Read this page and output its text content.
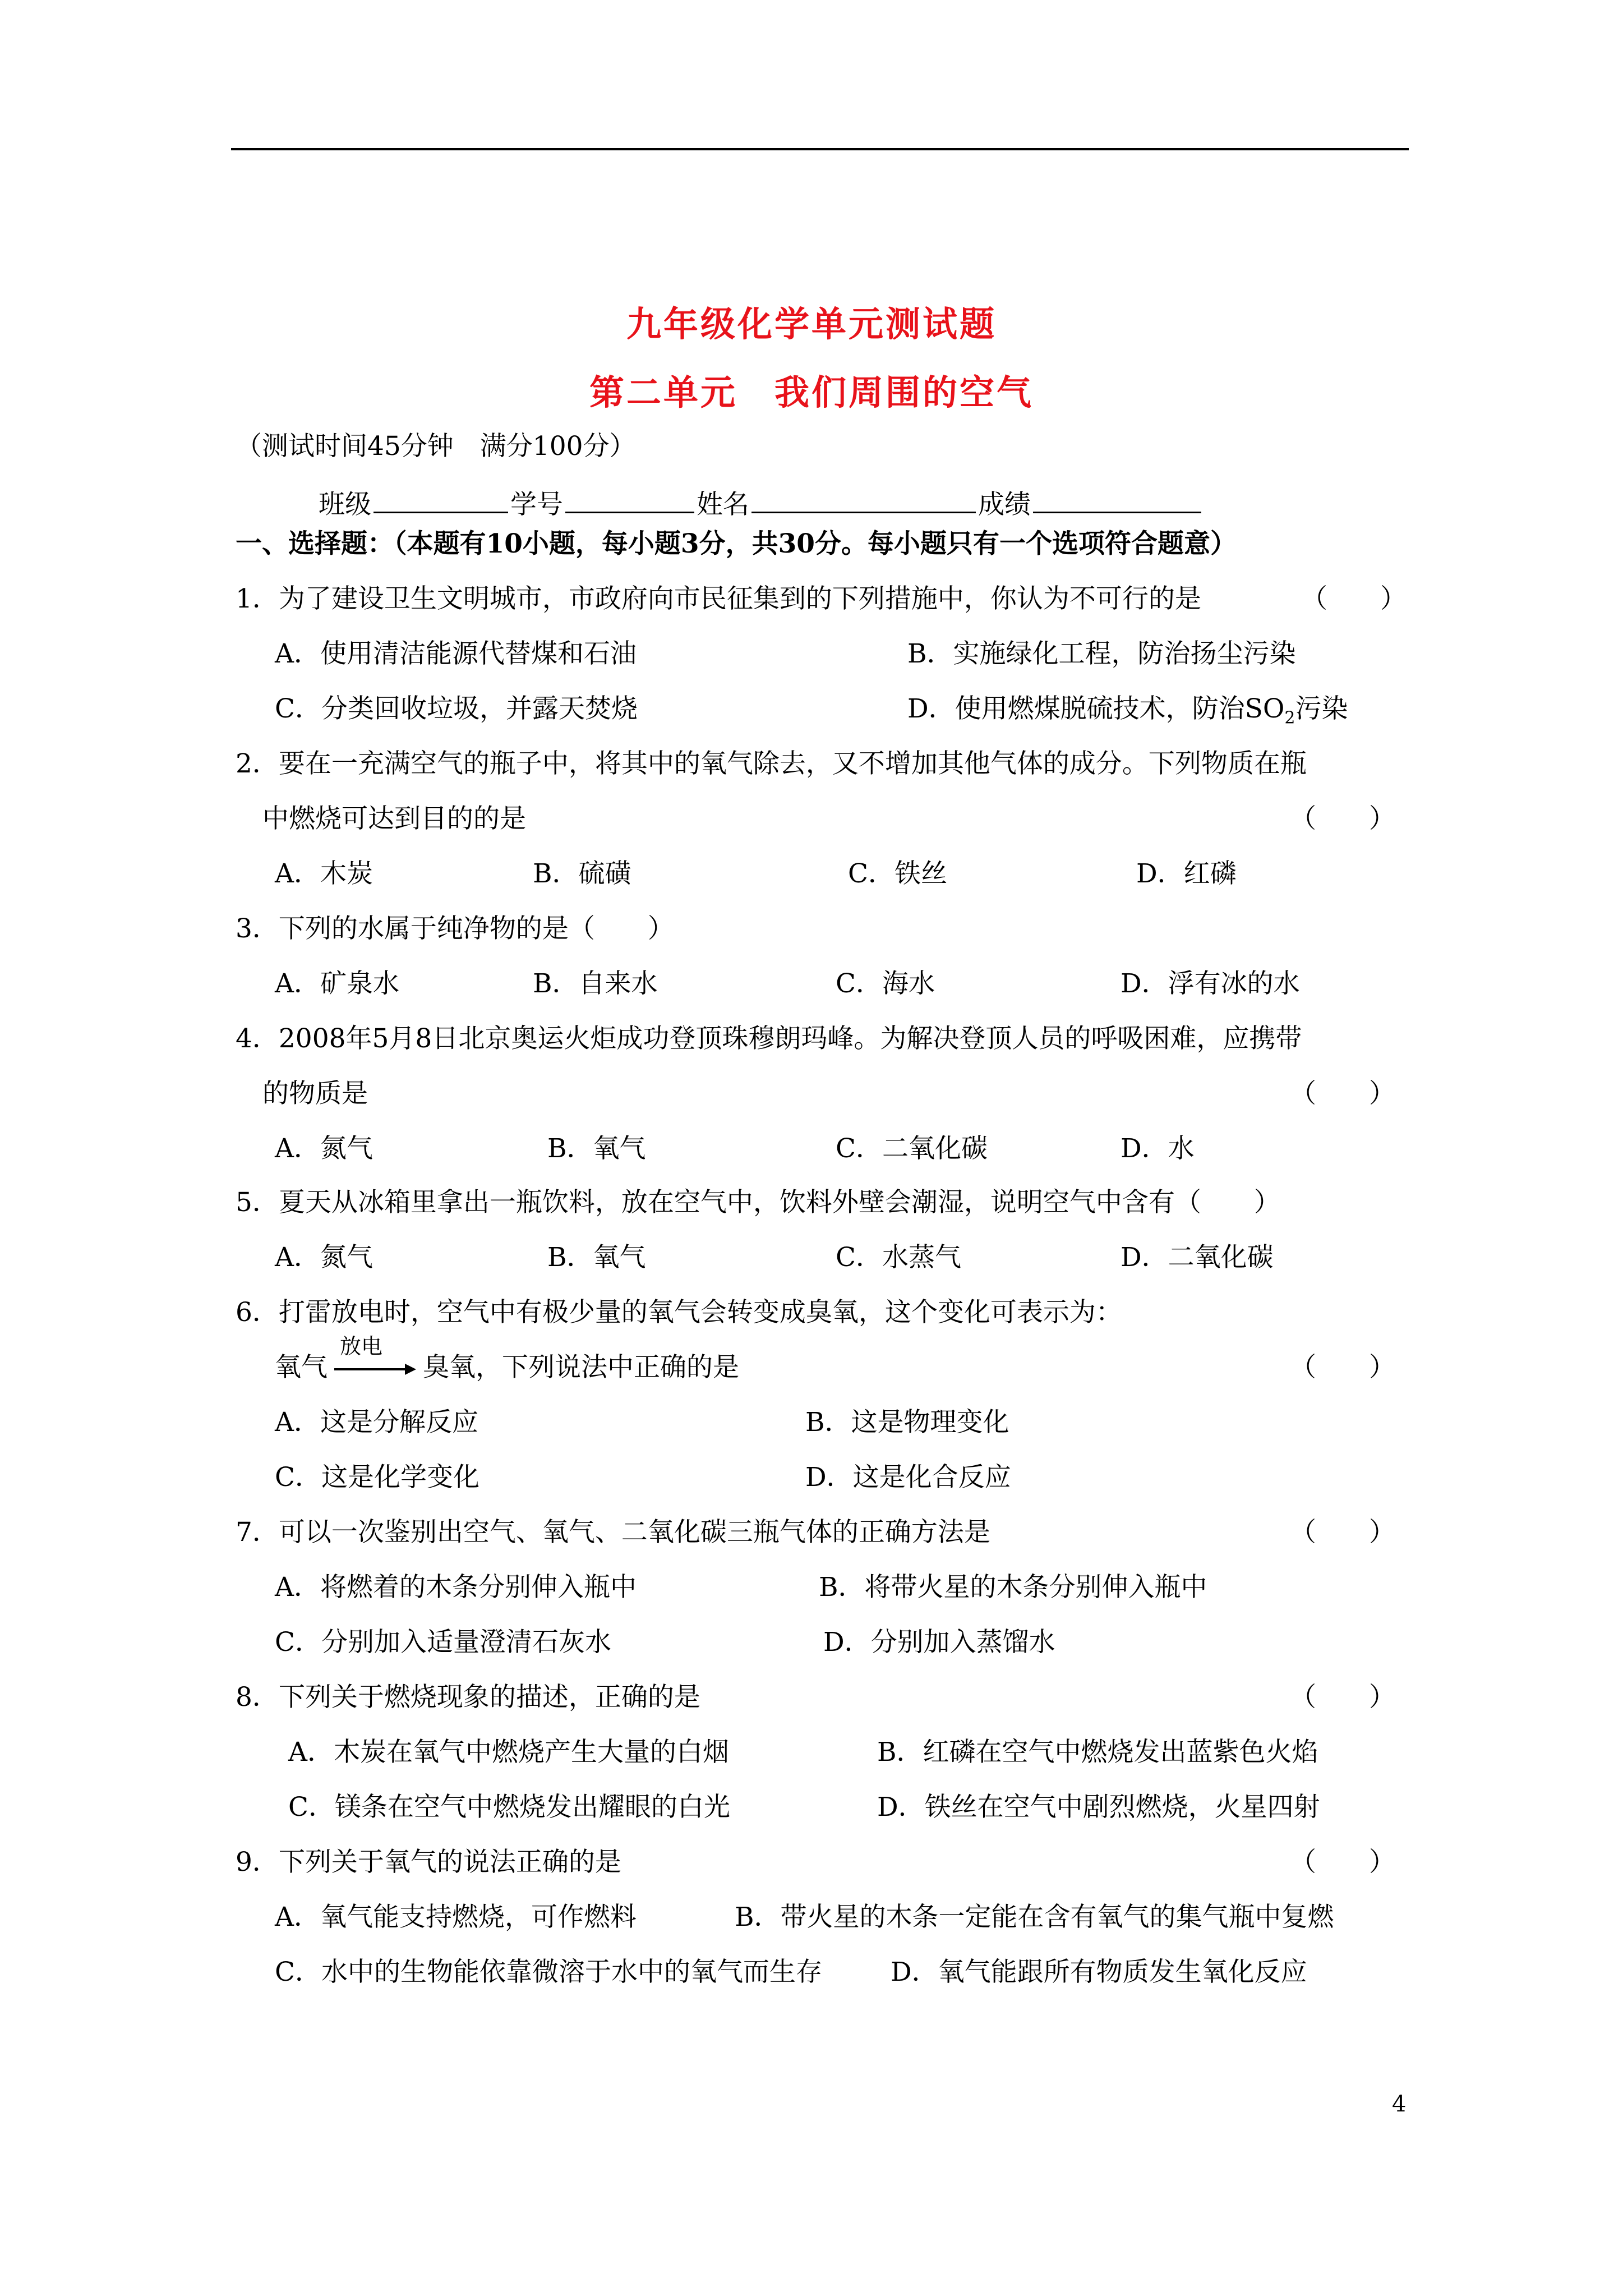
九年级化学单元测试题
第二单元　我们周围的空气
（测试时间45分钟　满分100分）
班级	学号	姓名	成绩
一、选择题：（本题有10小题，每小题3分，共30分。每小题只有一个选项符合题意）
1．为了建设卫生文明城市，市政府向市民征集到的下列措施中，你认为不可行的是	（　　）
A．使用清洁能源代替煤和石油	B．实施绿化工程，防治扬尘污染
C．分类回收垃圾，并露天焚烧	D．使用燃煤脱硫技术，防治$SO_2$污染
2．要在一充满空气的瓶子中，将其中的氧气除去，又不增加其他气体的成分。下列物质在瓶
中燃烧可达到目的的是	（　　）
A．木炭	B．硫磺	C．铁丝	D．红磷
3．下列的水属于纯净物的是（　　）
A．矿泉水	B．自来水	C．海水	D．浮有冰的水
4．2008年5月8日北京奥运火炬成功登顶珠穆朗玛峰。为解决登顶人员的呼吸困难，应携带
的物质是	（　　）
A．氮气	B．氧气	C．二氧化碳	D．水
5．夏天从冰箱里拿出一瓶饮料，放在空气中，饮料外壁会潮湿，说明空气中含有（　　）
A．氮气	B．氧气	C．水蒸气	D．二氧化碳
6．打雷放电时，空气中有极少量的氧气会转变成臭氧，这个变化可表示为：
氧气
放电
臭氧，下列说法中正确的是	（　　）
A．这是分解反应	B．这是物理变化
C．这是化学变化	D．这是化合反应
7．可以一次鉴别出空气、氧气、二氧化碳三瓶气体的正确方法是	（　　）
A．将燃着的木条分别伸入瓶中	B．将带火星的木条分别伸入瓶中
C．分别加入适量澄清石灰水	D．分别加入蒸馏水
8．下列关于燃烧现象的描述，正确的是	（　　）
A．木炭在氧气中燃烧产生大量的白烟	B．红磷在空气中燃烧发出蓝紫色火焰
C．镁条在空气中燃烧发出耀眼的白光	D．铁丝在空气中剧烈燃烧，火星四射
9．下列关于氧气的说法正确的是	（　　）
A．氧气能支持燃烧，可作燃料	B．带火星的木条一定能在含有氧气的集气瓶中复燃
C．水中的生物能依靠微溶于水中的氧气而生存	D．氧气能跟所有物质发生氧化反应
4
